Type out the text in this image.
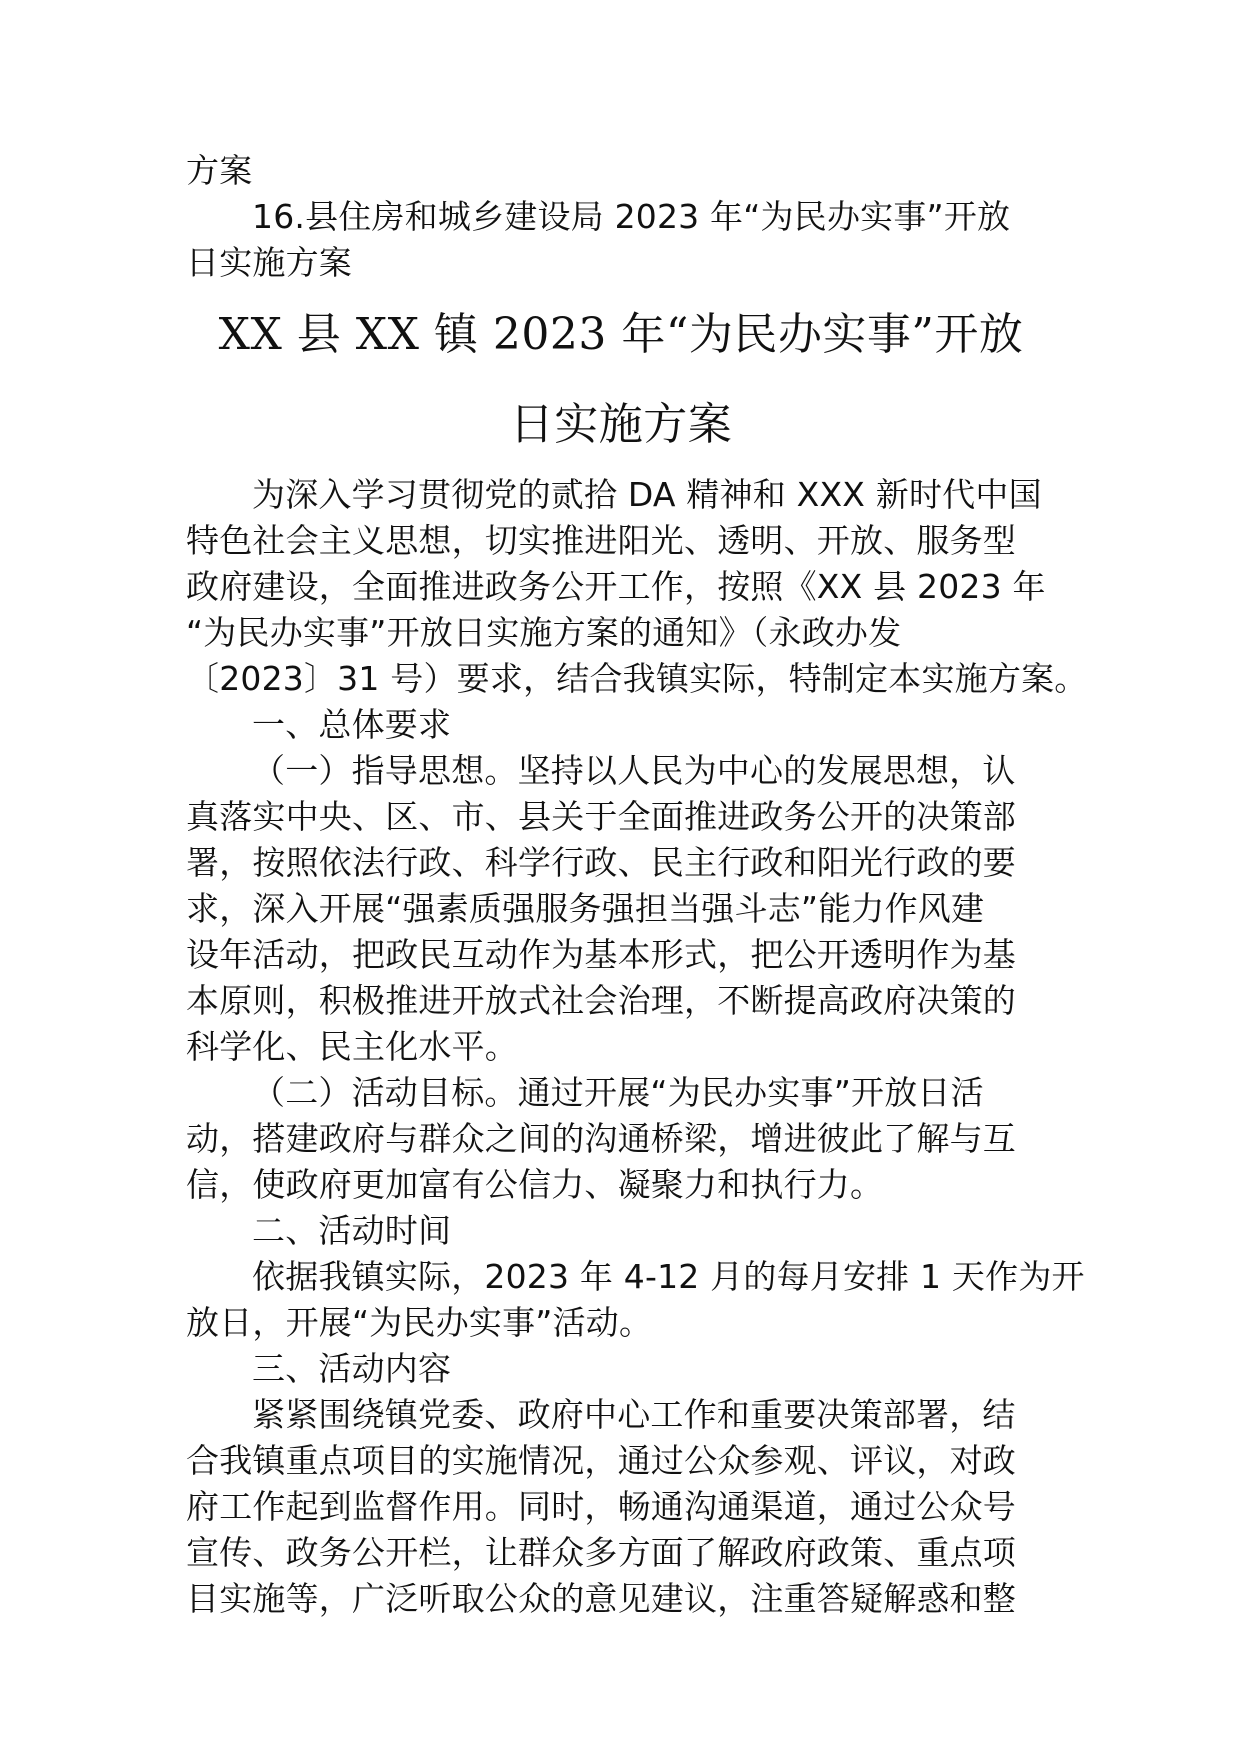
方案
16.县住房和城乡建设局 2023 年“为民办实事”开放
日实施方案
XX 县 XX 镇 2023 年“为民办实事”开放
日实施方案
为深入学习贯彻党的贰拾 DA 精神和 XXX 新时代中国
特色社会主义思想，切实推进阳光、透明、开放、服务型
政府建设，全面推进政务公开工作，按照《XX 县 2023 年
“为民办实事”开放日实施方案的通知》（永政办发
〔2023〕31 号）要求，结合我镇实际，特制定本实施方案。
一、总体要求
（一）指导思想。坚持以人民为中心的发展思想，认
真落实中央、区、市、县关于全面推进政务公开的决策部
署，按照依法行政、科学行政、民主行政和阳光行政的要
求，深入开展“强素质强服务强担当强斗志”能力作风建
设年活动，把政民互动作为基本形式，把公开透明作为基
本原则，积极推进开放式社会治理，不断提高政府决策的
科学化、民主化水平。
（二）活动目标。通过开展“为民办实事”开放日活
动，搭建政府与群众之间的沟通桥梁，增进彼此了解与互
信，使政府更加富有公信力、凝聚力和执行力。
二、活动时间
依据我镇实际，2023 年 4-12 月的每月安排 1 天作为开
放日，开展“为民办实事”活动。
三、活动内容
紧紧围绕镇党委、政府中心工作和重要决策部署，结
合我镇重点项目的实施情况，通过公众参观、评议，对政
府工作起到监督作用。同时，畅通沟通渠道，通过公众号
宣传、政务公开栏，让群众多方面了解政府政策、重点项
目实施等，广泛听取公众的意见建议，注重答疑解惑和整
